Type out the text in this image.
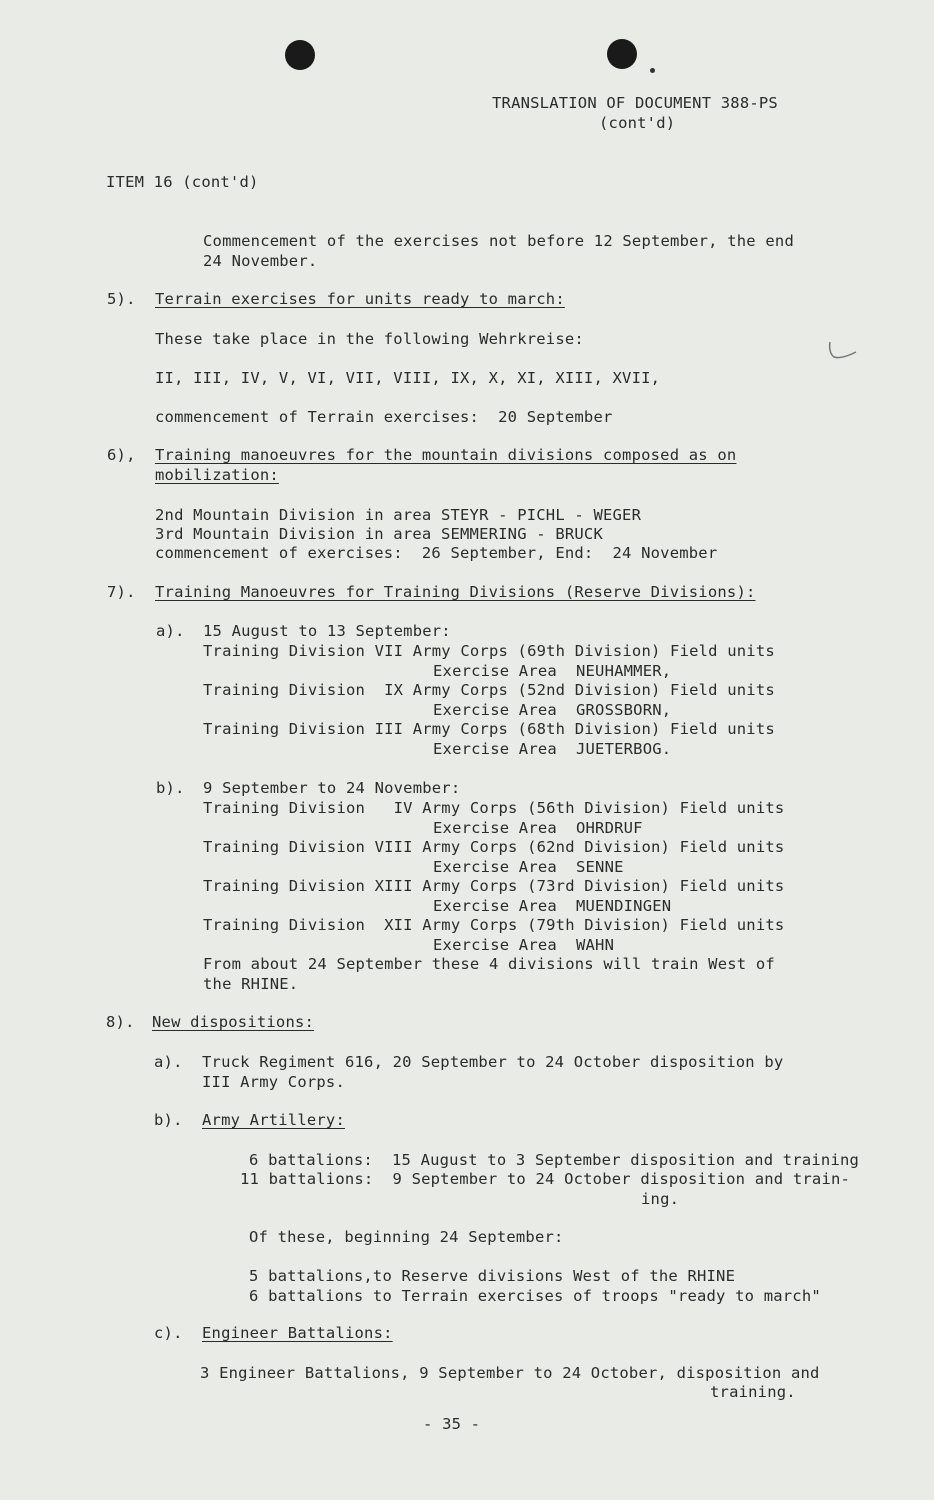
TRANSLATION OF DOCUMENT 388-PS
(cont'd)
ITEM 16 (cont'd)
Commencement of the exercises not before 12 September, the end
24 November.
5). Terrain exercises for units ready to march:
These take place in the following Wehrkreise:
II, III, IV, V, VI, VII, VIII, IX, X, XI, XIII, XVII,
commencement of Terrain exercises:  20 September
6), Training manoeuvres for the mountain divisions composed as on
mobilization:
2nd Mountain Division in area STEYR - PICHL - WEGER
3rd Mountain Division in area SEMMERING - BRUCK
commencement of exercises:  26 September, End:  24 November
7). Training Manoeuvres for Training Divisions (Reserve Divisions):
a). 15 August to 13 September:
Training Division VII Army Corps (69th Division) Field units
Exercise Area  NEUHAMMER,
Training Division  IX Army Corps (52nd Division) Field units
Exercise Area  GROSSBORN,
Training Division III Army Corps (68th Division) Field units
Exercise Area  JUETERBOG.
b). 9 September to 24 November:
Training Division   IV Army Corps (56th Division) Field units
Exercise Area  OHRDRUF
Training Division VIII Army Corps (62nd Division) Field units
Exercise Area  SENNE
Training Division XIII Army Corps (73rd Division) Field units
Exercise Area  MUENDINGEN
Training Division  XII Army Corps (79th Division) Field units
Exercise Area  WAHN
From about 24 September these 4 divisions will train West of
the RHINE.
8). New dispositions:
a). Truck Regiment 616, 20 September to 24 October disposition by
III Army Corps.
b). Army Artillery:
6 battalions:  15 August to 3 September disposition and training
11 battalions:  9 September to 24 October disposition and train-
ing.
Of these, beginning 24 September:
5 battalions,to Reserve divisions West of the RHINE
6 battalions to Terrain exercises of troops "ready to march"
c). Engineer Battalions:
3 Engineer Battalions, 9 September to 24 October, disposition and
training.
- 35 -
